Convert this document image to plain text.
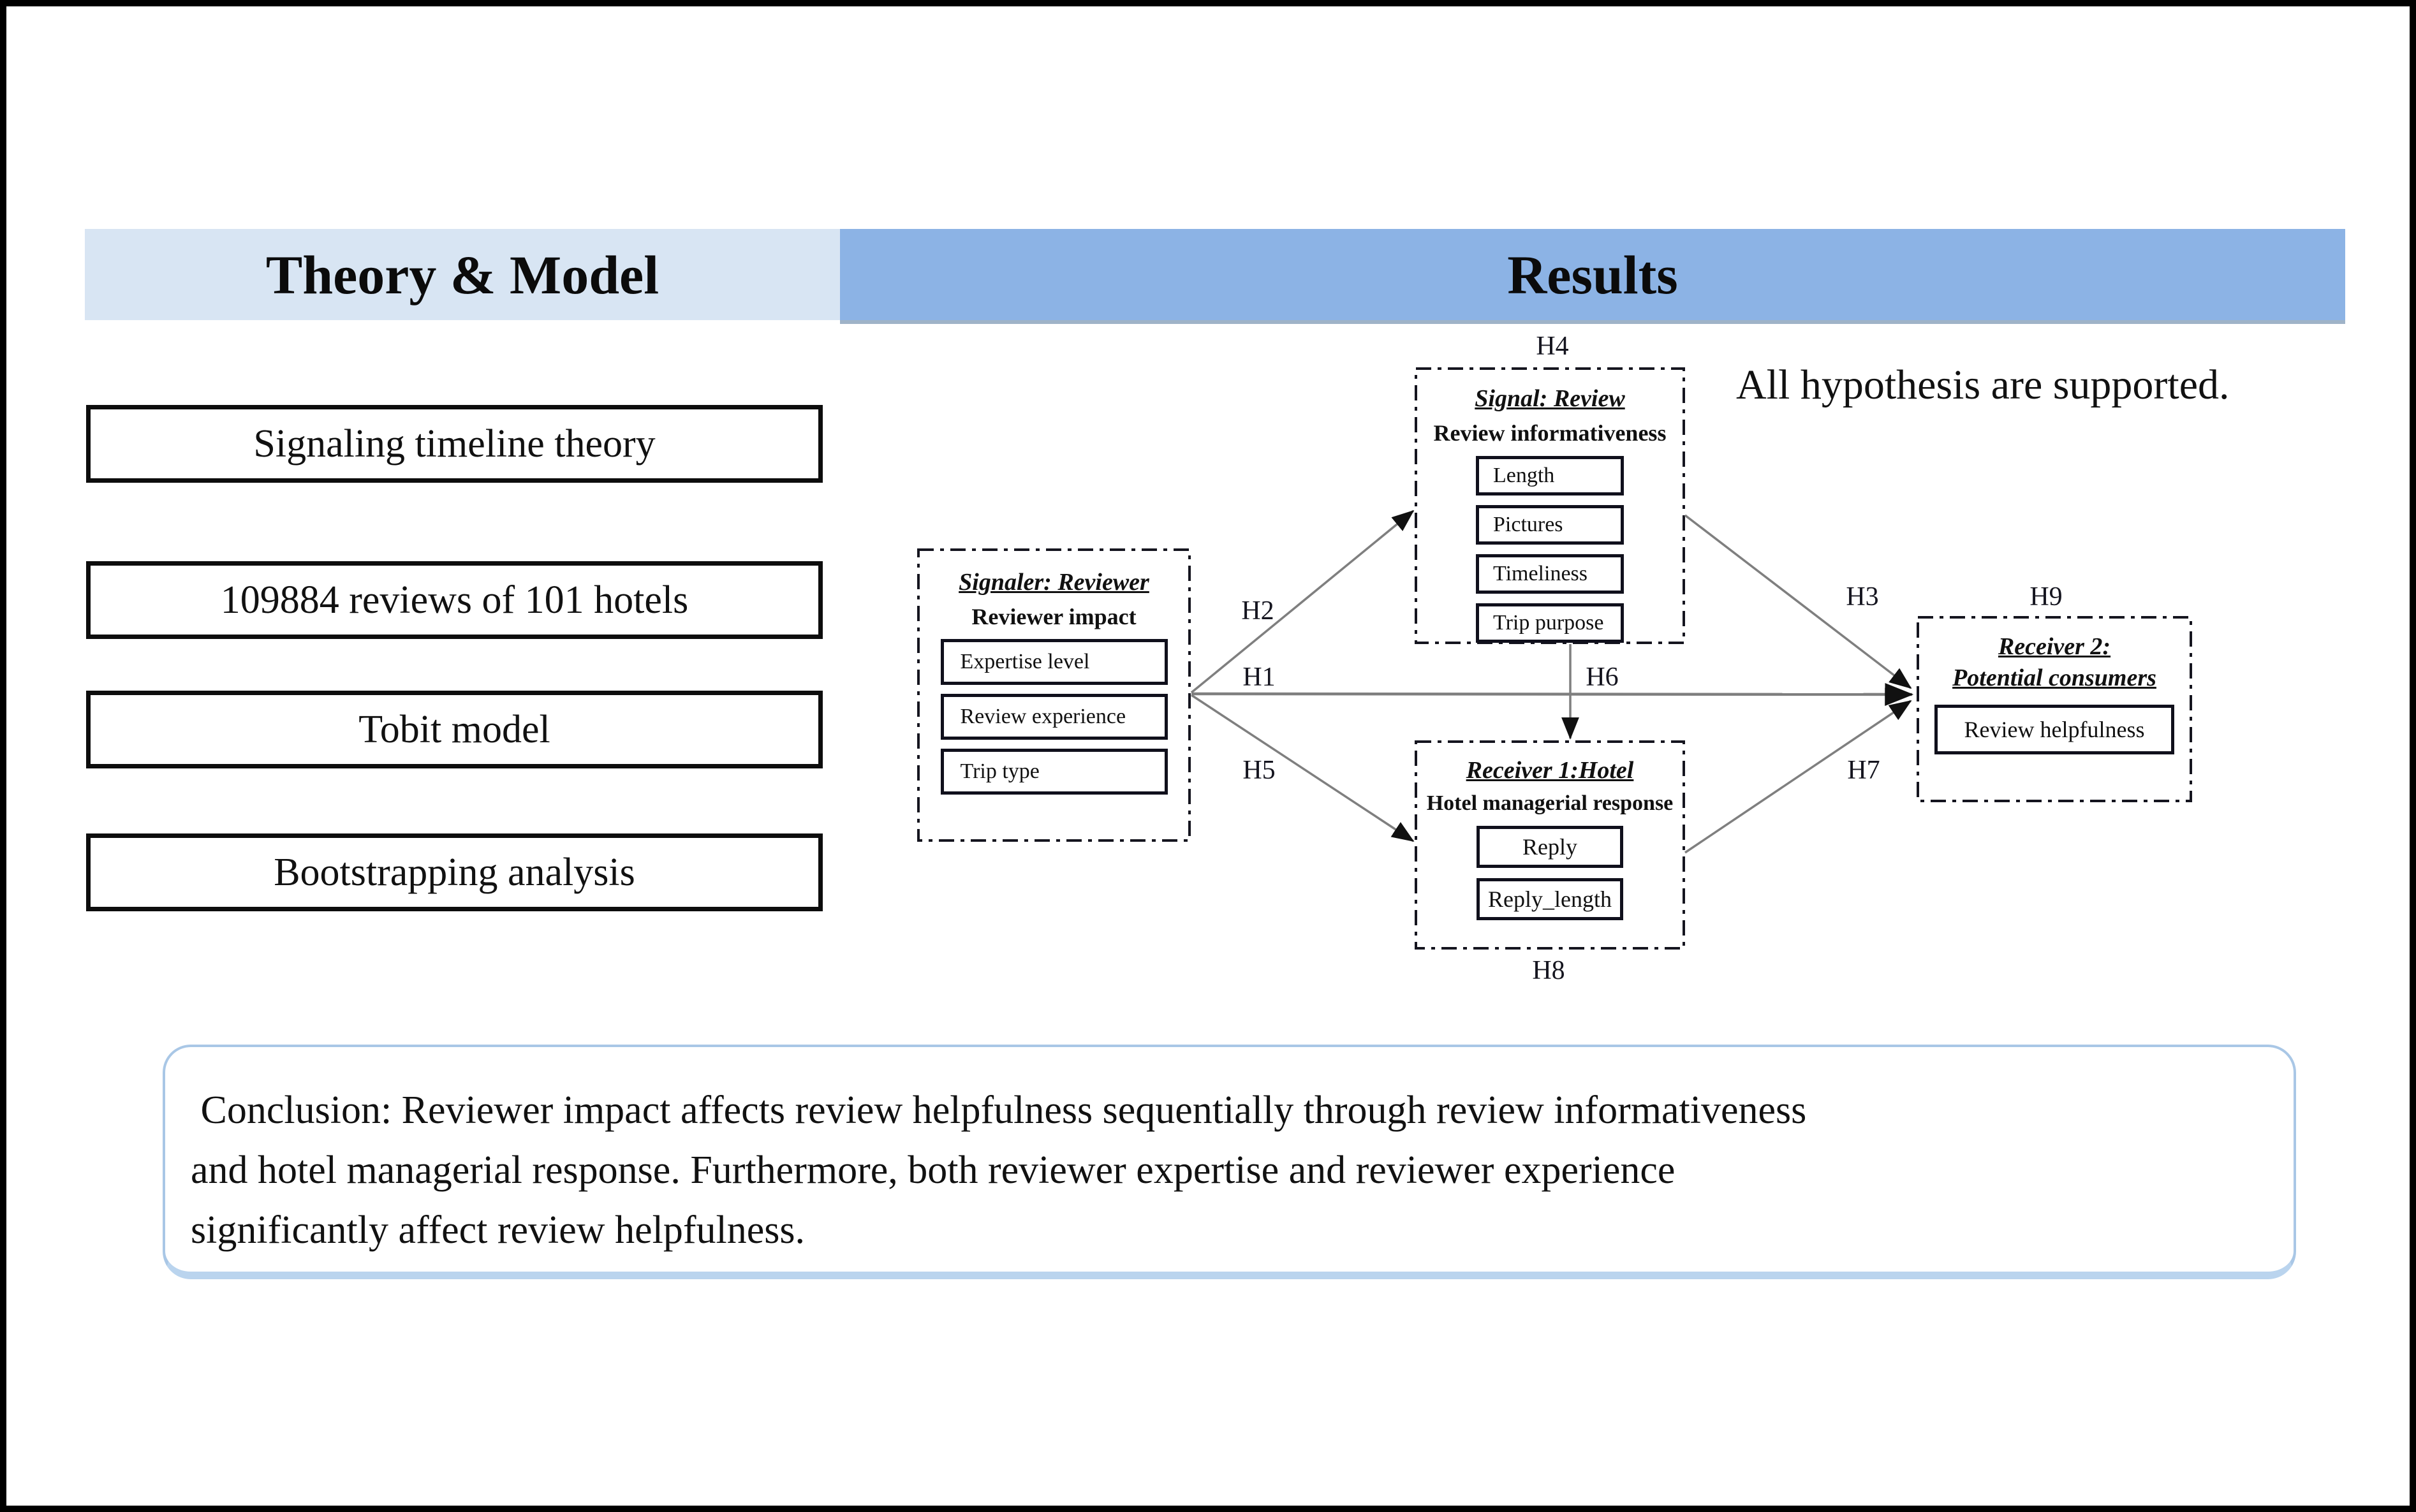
Theory & Model	Results
Signaling timeline theory
109884 reviews of 101 hotels
Tobit model
Bootstrapping analysis
Signaler: Reviewer
Reviewer impact
Expertise level
Review experience
Trip type
Signal: Review
Review informativeness
Length
Pictures
Timeliness
Trip purpose
Receiver 1:Hotel
Hotel managerial response
Reply
Reply_length
Receiver 2:
Potential consumers
Review helpfulness
H1
H2	H3
H4
H5
H6
H7
H8
H9
All hypothesis are supported.
Conclusion: Reviewer impact affects review helpfulness sequentially through review informativeness
and hotel managerial response. Furthermore, both reviewer expertise and reviewer experience
significantly affect review helpfulness.
